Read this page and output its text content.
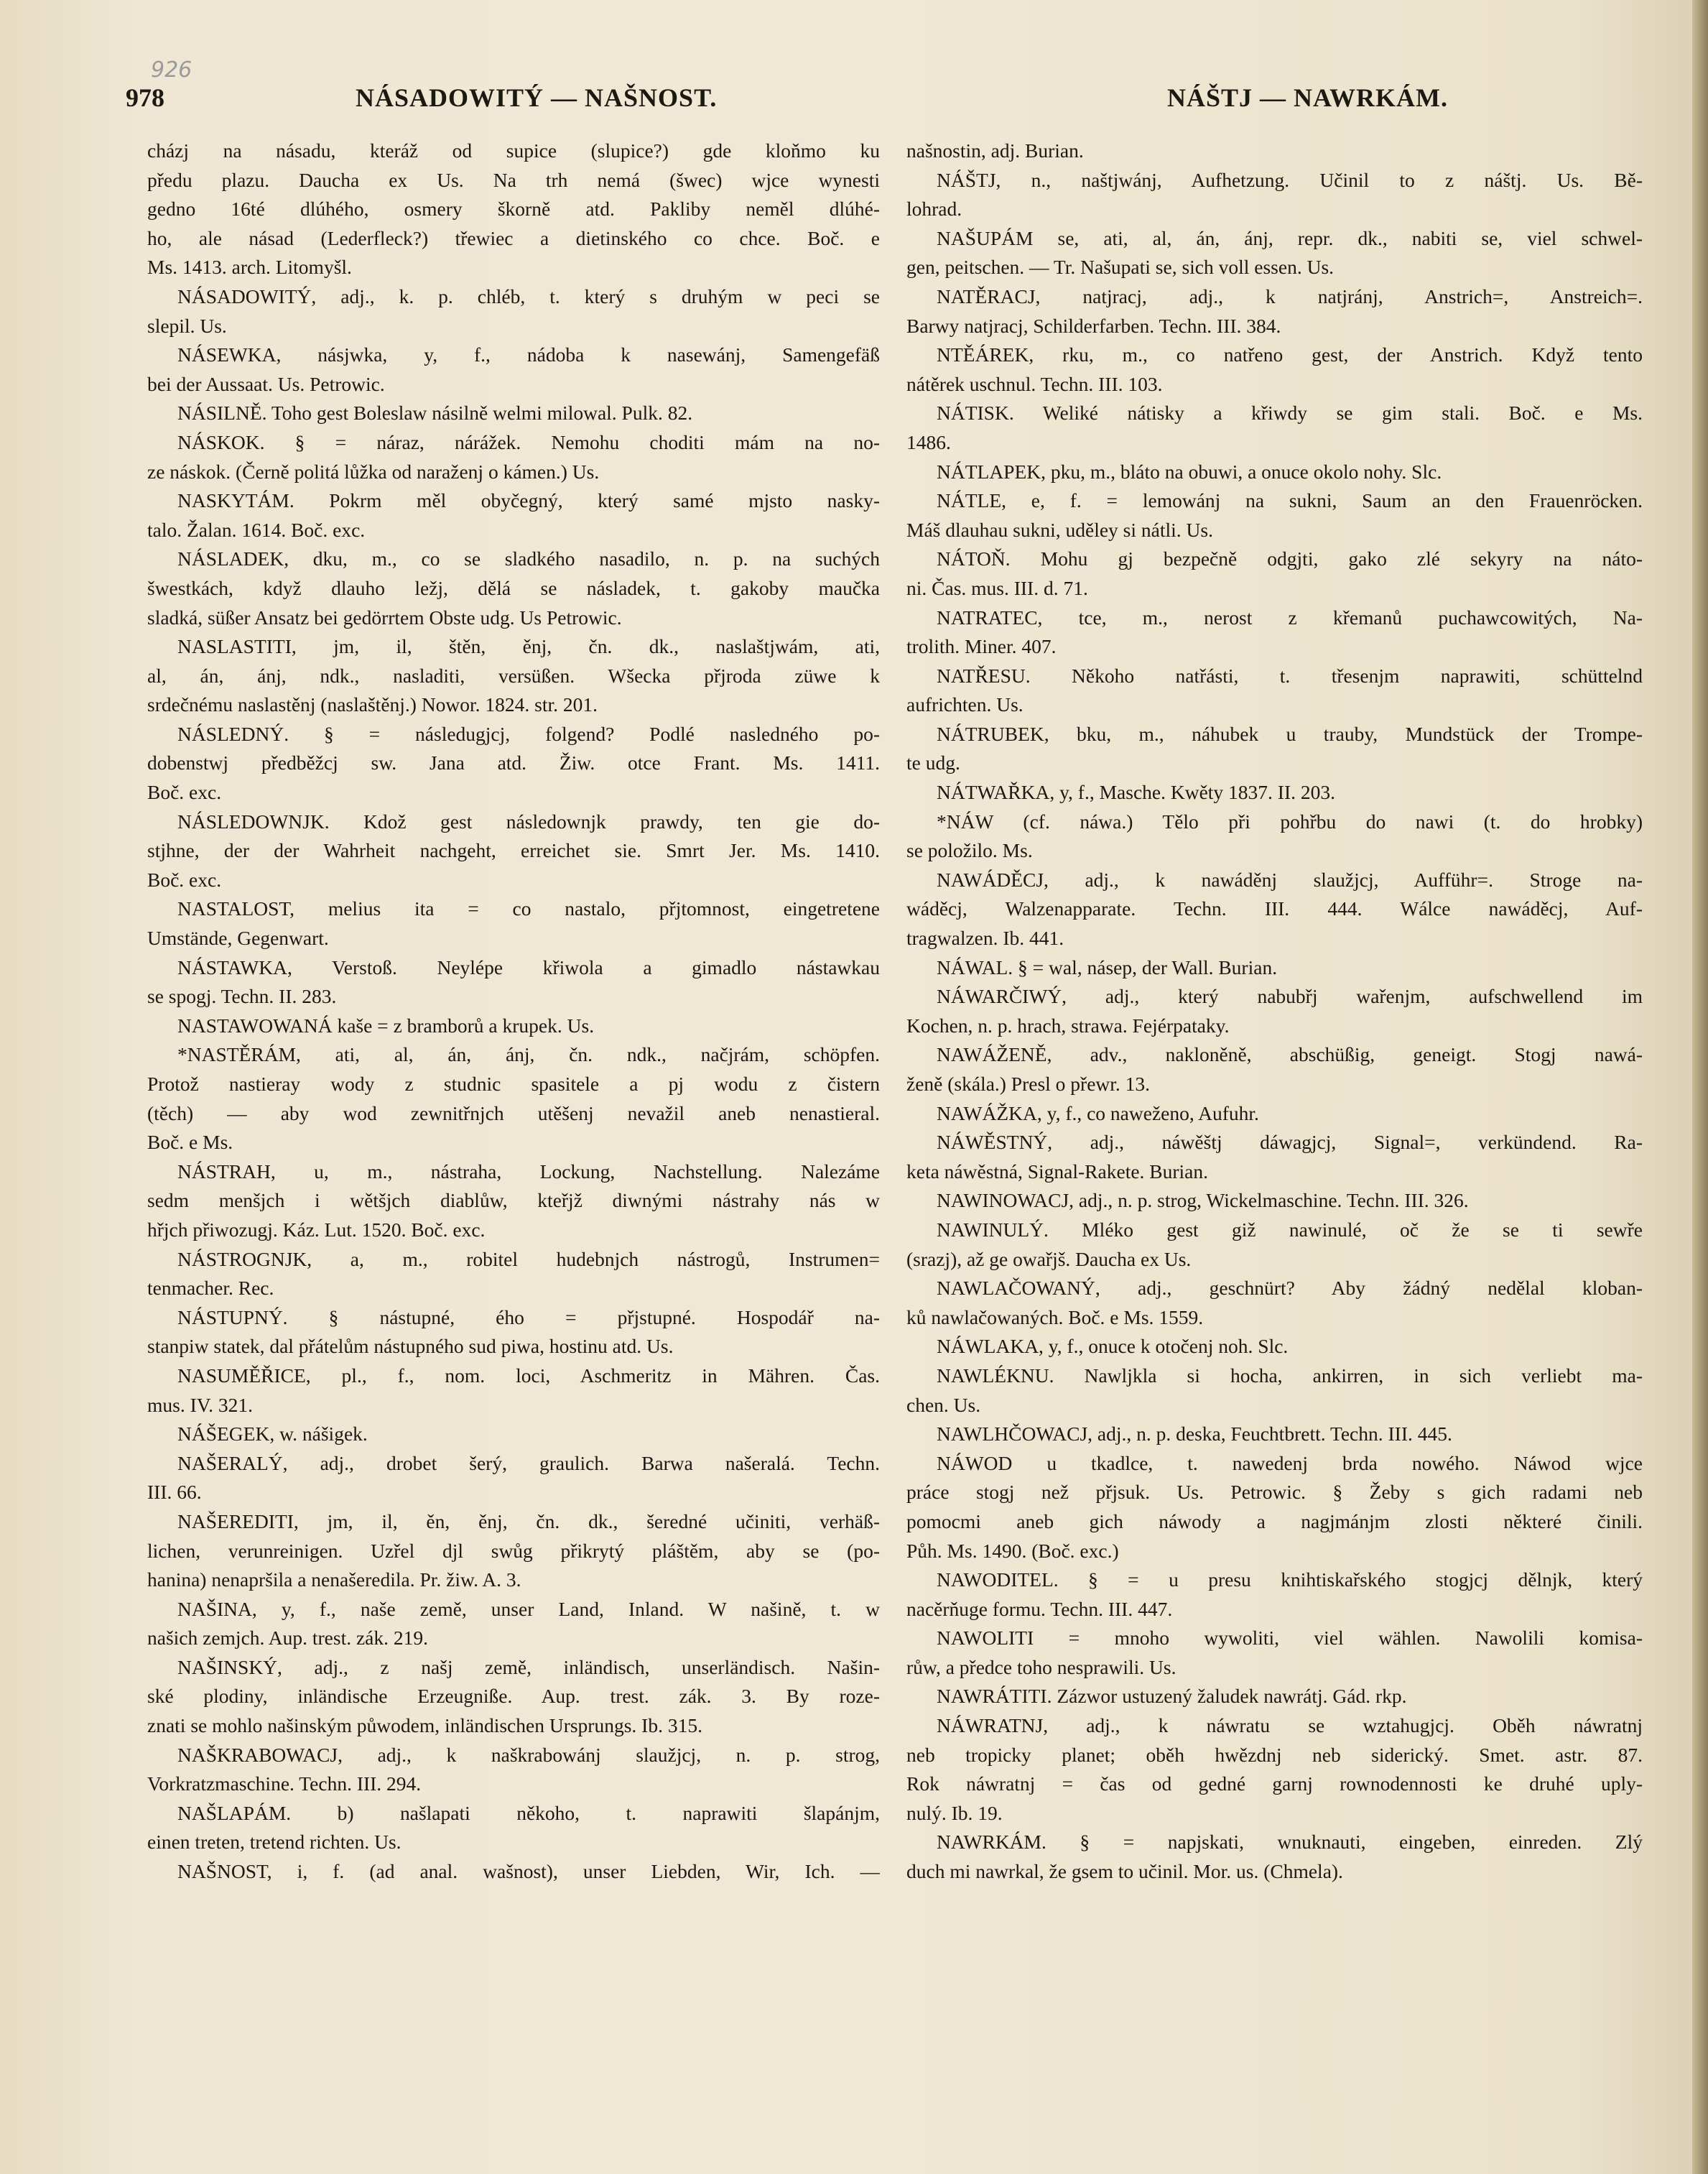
926
978	NÁSADOWITÝ — NAŠNOST.	NÁŠTJ — NAWRKÁM.

cházj na násadu, kteráž od supice (slupice?) gde kloňmo ku

předu plazu. Daucha ex Us. Na trh nemá (šwec) wjce wynesti

gedno 16té dlúhého, osmery škorně atd. Pakliby neměl dlúhé-

ho, ale násad (Lederfleck?) třewiec a dietinského co chce. Boč. e

Ms. 1413. arch. Litomyšl.

NÁSADOWITÝ, adj., k. p. chléb, t. který s druhým w peci se

slepil. Us.

NÁSEWKA, násjwka, y, f., nádoba k nasewánj, Samengefäß

bei der Aussaat. Us. Petrowic.

NÁSILNĚ. Toho gest Boleslaw násilně welmi milowal. Pulk. 82.

NÁSKOK. § = náraz, nárážek. Nemohu choditi mám na no-

ze náskok. (Černě politá lůžka od naraženj o kámen.) Us.

NASKYTÁM. Pokrm měl obyčegný, který samé mjsto nasky-

talo. Žalan. 1614. Boč. exc.

NÁSLADEK, dku, m., co se sladkého nasadilo, n. p. na suchých

šwestkách, když dlauho ležj, dělá se násladek, t. gakoby maučka

sladká, süßer Ansatz bei gedörrtem Obste udg. Us Petrowic.

NASLASTITI, jm, il, štěn, ěnj, čn. dk., naslaštjwám, ati,

al, án, ánj, ndk., nasladiti, versüßen. Wšecka přjroda züwe k

srdečnému naslastěnj (naslaštěnj.) Nowor. 1824. str. 201.

NÁSLEDNÝ. § = následugjcj, folgend? Podlé nasledného po-

dobenstwj předběžcj sw. Jana atd. Žiw. otce Frant. Ms. 1411.

Boč. exc.

NÁSLEDOWNJK. Kdož gest následownjk prawdy, ten gie do-

stjhne, der der Wahrheit nachgeht, erreichet sie. Smrt Jer. Ms. 1410.

Boč. exc.

NASTALOST, melius ita = co nastalo, přjtomnost, eingetretene

Umstände, Gegenwart.

NÁSTAWKA, Verstoß. Neylépe křiwola a gimadlo nástawkau

se spogj. Techn. II. 283.

NASTAWOWANÁ kaše = z bramborů a krupek. Us.

*NASTĚRÁM, ati, al, án, ánj, čn. ndk., načjrám, schöpfen.

Protož nastieray wody z studnic spasitele a pj wodu z čistern

(těch) — aby wod zewnitřnjch utěšenj nevažil aneb nenastieral.

Boč. e Ms.

NÁSTRAH, u, m., nástraha, Lockung, Nachstellung. Nalezáme

sedm menšjch i wětšjch diablůw, kteřjž diwnými nástrahy nás w

hřjch přiwozugj. Káz. Lut. 1520. Boč. exc.

NÁSTROGNJK, a, m., robitel hudebnjch nástrogů, Instrumen=

tenmacher. Rec.

NÁSTUPNÝ. § nástupné, ého = přjstupné. Hospodář na-

stanpiw statek, dal přátelům nástupného sud piwa, hostinu atd. Us.

NASUMĚŘICE, pl., f., nom. loci, Aschmeritz in Mähren. Čas.

mus. IV. 321.

NÁŠEGEK, w. nášigek.

NAŠERALÝ, adj., drobet šerý, graulich. Barwa našeralá. Techn.

III. 66.

NAŠEREDITI, jm, il, ěn, ěnj, čn. dk., šeredné učiniti, verhäß-

lichen, verunreinigen. Uzřel djl swůg přikrytý pláštěm, aby se (po-

hanina) nenapršila a nenašeredila. Pr. žiw. A. 3.

NAŠINA, y, f., naše země, unser Land, Inland. W našině, t. w

našich zemjch. Aup. trest. zák. 219.

NAŠINSKÝ, adj., z našj země, inländisch, unserländisch. Našin-

ské plodiny, inländische Erzeugniße. Aup. trest. zák. 3. By roze-

znati se mohlo našinským půwodem, inländischen Ursprungs. Ib. 315.

NAŠKRABOWACJ, adj., k naškrabowánj slaužjcj, n. p. strog,

Vorkratzmaschine. Techn. III. 294.

NAŠLAPÁM. b) našlapati někoho, t. naprawiti šlapánjm,

einen treten, tretend richten. Us.

NAŠNOST, i, f. (ad anal. wašnost), unser Liebden, Wir, Ich. —

našnostin, adj. Burian.

NÁŠTJ, n., naštjwánj, Aufhetzung. Učinil to z náštj. Us. Bě-

lohrad.

NAŠUPÁM se, ati, al, án, ánj, repr. dk., nabiti se, viel schwel-

gen, peitschen. — Tr. Našupati se, sich voll essen. Us.

NATĚRACJ, natjracj, adj., k natjránj, Anstrich=, Anstreich=.

Barwy natjracj, Schilderfarben. Techn. III. 384.

NTĚÁREK, rku, m., co natřeno gest, der Anstrich. Když tento

nátěrek uschnul. Techn. III. 103.

NÁTISK. Weliké nátisky a křiwdy se gim stali. Boč. e Ms.

1486.

NÁTLAPEK, pku, m., bláto na obuwi, a onuce okolo nohy. Slc.

NÁTLE, e, f. = lemowánj na sukni, Saum an den Frauenröcken.

Máš dlauhau sukni, uděley si nátli. Us.

NÁTOŇ. Mohu gj bezpečně odgjti, gako zlé sekyry na náto-

ni. Čas. mus. III. d. 71.

NATRATEC, tce, m., nerost z křemanů puchawcowitých, Na-

trolith. Miner. 407.

NATŘESU. Někoho natřásti, t. třesenjm naprawiti, schüttelnd

aufrichten. Us.

NÁTRUBEK, bku, m., náhubek u trauby, Mundstück der Trompe-

te udg.

NÁTWAŘKA, y, f., Masche. Kwěty 1837. II. 203.

*NÁW (cf. náwa.) Tělo při pohřbu do nawi (t. do hrobky)

se položilo. Ms.

NAWÁDĚCJ, adj., k nawáděnj slaužjcj, Aufführ=. Stroge na-

wáděcj, Walzenapparate. Techn. III. 444. Wálce nawáděcj, Auf-

tragwalzen. Ib. 441.

NÁWAL. § = wal, násep, der Wall. Burian.

NÁWARČIWÝ, adj., který nabubřj wařenjm, aufschwellend im

Kochen, n. p. hrach, strawa. Fejérpataky.

NAWÁŽENĚ, adv., nakloněně, abschüßig, geneigt. Stogj nawá-

ženě (skála.) Presl o přewr. 13.

NAWÁŽKA, y, f., co naweženo, Aufuhr.

NÁWĚSTNÝ, adj., náwěštj dáwagjcj, Signal=, verkündend. Ra-

keta náwěstná, Signal-Rakete. Burian.

NAWINOWACJ, adj., n. p. strog, Wickelmaschine. Techn. III. 326.

NAWINULÝ. Mléko gest giž nawinulé, oč že se ti sewře

(srazj), až ge owařjš. Daucha ex Us.

NAWLAČOWANÝ, adj., geschnürt? Aby žádný nedělal kloban-

ků nawlačowaných. Boč. e Ms. 1559.

NÁWLAKA, y, f., onuce k otočenj noh. Slc.

NAWLÉKNU. Nawljkla si hocha, ankirren, in sich verliebt ma-

chen. Us.

NAWLHČOWACJ, adj., n. p. deska, Feuchtbrett. Techn. III. 445.

NÁWOD u tkadlce, t. nawedenj brda nowého. Náwod wjce

práce stogj než přjsuk. Us. Petrowic. § Žeby s gich radami neb

pomocmi aneb gich náwody a nagjmánjm zlosti některé činili.

Půh. Ms. 1490. (Boč. exc.)

NAWODITEL. § = u presu knihtiskařského stogjcj dělnjk, který

nacěrňuge formu. Techn. III. 447.

NAWOLITI = mnoho wywoliti, viel wählen. Nawolili komisa-

růw, a předce toho nesprawili. Us.

NAWRÁTITI. Zázwor ustuzený žaludek nawrátj. Gád. rkp.

NÁWRATNJ, adj., k náwratu se wztahugjcj. Oběh náwratnj

neb tropicky planet; oběh hwězdnj neb siderický. Smet. astr. 87.

Rok náwratnj = čas od gedné garnj rownodennosti ke druhé uply-

nulý. Ib. 19.

NAWRKÁM. § = napjskati, wnuknauti, eingeben, einreden. Zlý

duch mi nawrkal, že gsem to učinil. Mor. us. (Chmela).
